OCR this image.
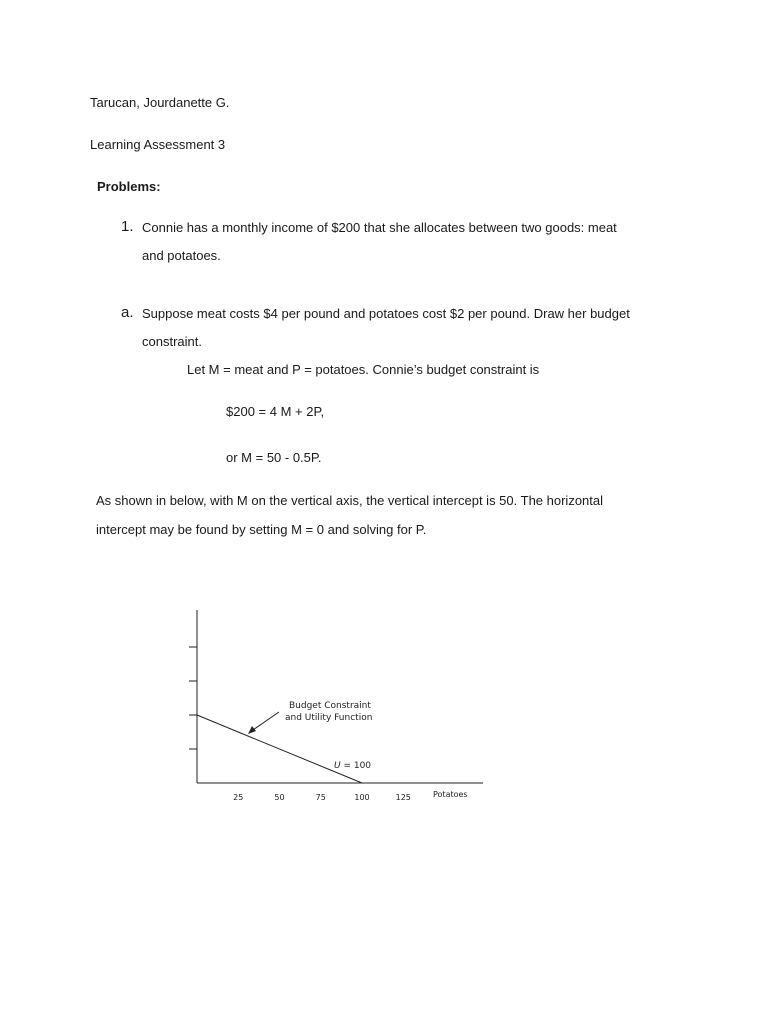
Tarucan, Jourdanette G.
Learning Assessment 3
Problems:
1. Connie has a monthly income of $200 that she allocates between two goods: meat
and potatoes.
a. Suppose meat costs $4 per pound and potatoes cost $2 per pound. Draw her budget
constraint.
Let M = meat and P = potatoes. Connie’s budget constraint is
$200 = 4 M + 2P,
or M = 50 - 0.5P.
As shown in below, with M on the vertical axis, the vertical intercept is 50. The horizontal
intercept may be found by setting M = 0 and solving for P.
25	50	75	100	125	Potatoes
Budget Constraint
and Utility Function
U = 100
